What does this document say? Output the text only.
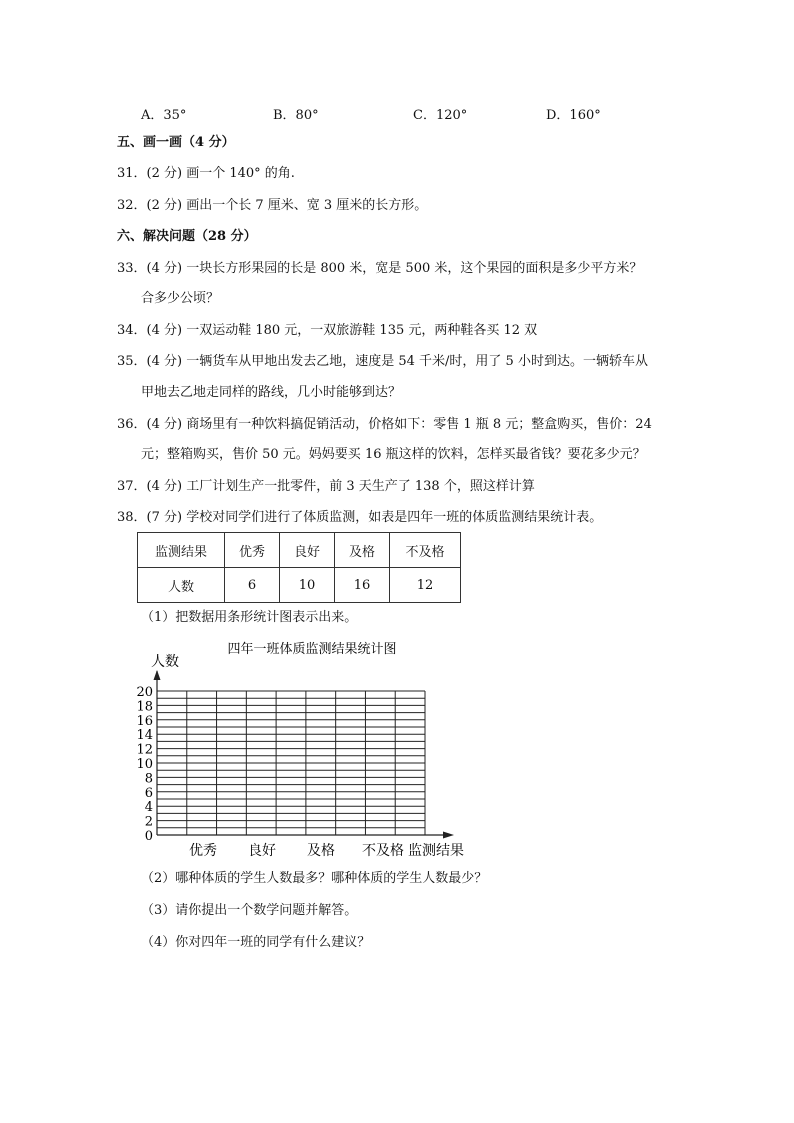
A．35°	B．80°	C．120°	D．160°
五、画一画（4 分）
31．(2 分) 画一个 140° 的角.
32．(2 分) 画出一个长 7 厘米、宽 3 厘米的长方形。
六、解决问题（28 分）
33．(4 分) 一块长方形果园的长是 800 米，宽是 500 米，这个果园的面积是多少平方米？
合多少公顷？
34．(4 分) 一双运动鞋 180 元，一双旅游鞋 135 元，两种鞋各买 12 双
35．(4 分) 一辆货车从甲地出发去乙地，速度是 54 千米/时，用了 5 小时到达。一辆轿车从
甲地去乙地走同样的路线，几小时能够到达？
36．(4 分) 商场里有一种饮料搞促销活动，价格如下：零售 1 瓶 8 元；整盒购买，售价：24
元；整箱购买，售价 50 元。妈妈要买 16 瓶这样的饮料，怎样买最省钱？要花多少元？
37．(4 分) 工厂计划生产一批零件，前 3 天生产了 138 个，照这样计算
38．(7 分) 学校对同学们进行了体质监测，如表是四年一班的体质监测结果统计表。
监测结果	优秀	良好	及格	不及格
人数	6	10	16	12
（1）把数据用条形统计图表示出来。
0
2
4
6
8
10
12
14
16
18
20
人数
四年一班体质监测结果统计图
优秀 良好 及格 不及格 监测结果
（2）哪种体质的学生人数最多？哪种体质的学生人数最少？
（3）请你提出一个数学问题并解答。
（4）你对四年一班的同学有什么建议？
